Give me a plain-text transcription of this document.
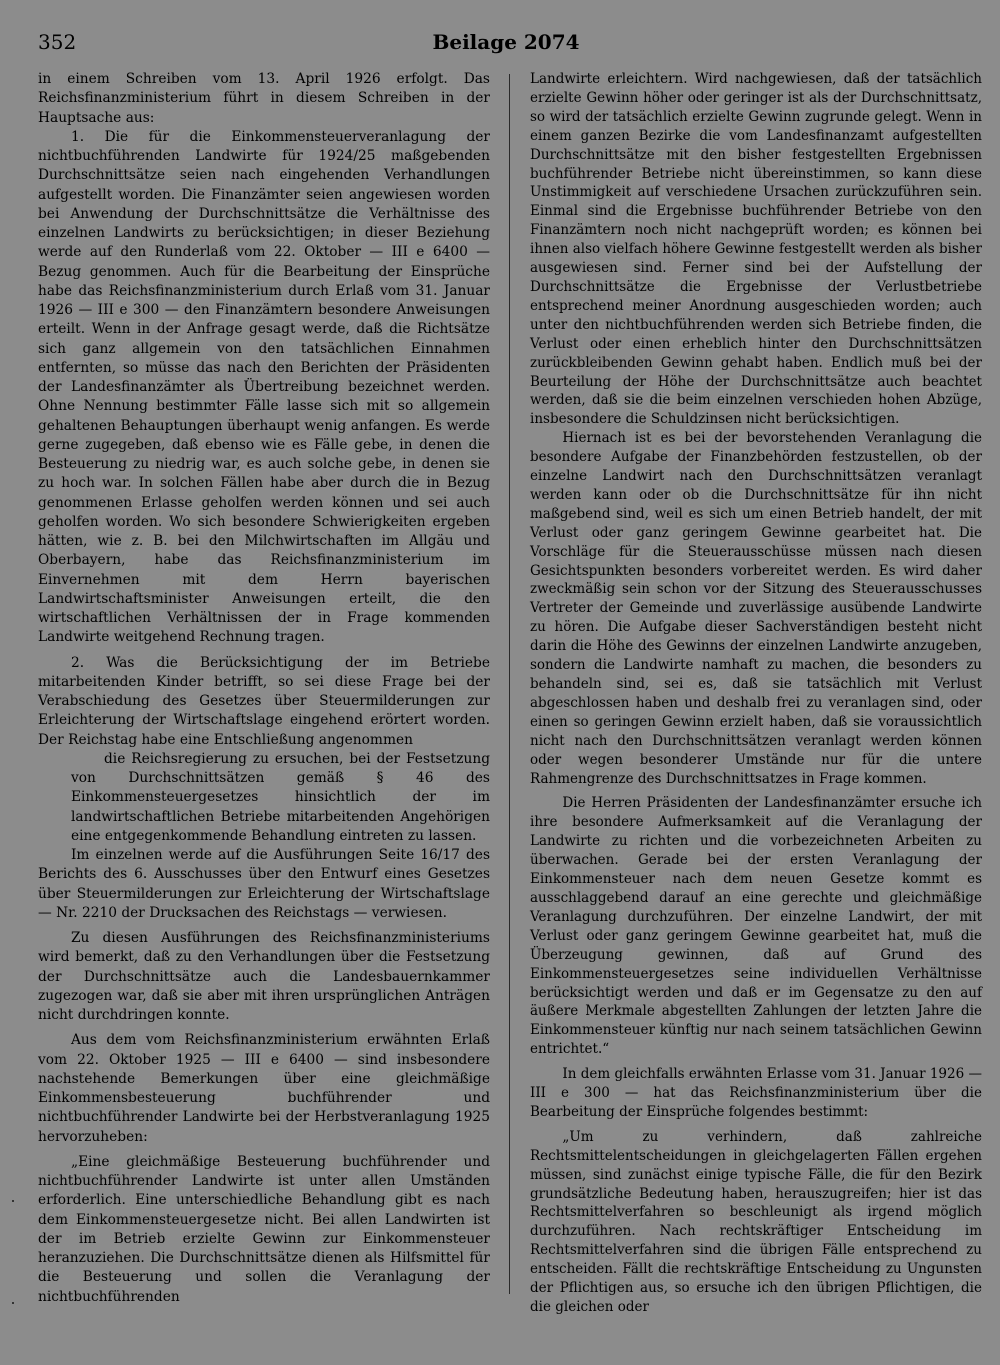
352	Beilage 2074

in einem Schreiben vom 13. April 1926 erfolgt. Das Reichsfinanzministerium führt in diesem Schreiben in der Hauptsache aus:

1. Die für die Einkommensteuerveranlagung der nichtbuchführenden Landwirte für 1924/25 maßgebenden Durchschnittsätze seien nach eingehenden Verhandlungen aufgestellt worden. Die Finanzämter seien angewiesen worden bei Anwendung der Durchschnittsätze die Verhältnisse des einzelnen Landwirts zu berücksichtigen; in dieser Beziehung werde auf den Runderlaß vom 22. Oktober — III e 6400 — Bezug genommen. Auch für die Bearbeitung der Einsprüche habe das Reichsfinanzministerium durch Erlaß vom 31. Januar 1926 — III e 300 — den Finanzämtern besondere Anweisungen erteilt. Wenn in der Anfrage gesagt werde, daß die Richtsätze sich ganz allgemein von den tatsächlichen Einnahmen entfernten, so müsse das nach den Berichten der Präsidenten der Landesfinanzämter als Übertreibung bezeichnet werden. Ohne Nennung bestimmter Fälle lasse sich mit so allgemein gehaltenen Behauptungen überhaupt wenig anfangen. Es werde gerne zugegeben, daß ebenso wie es Fälle gebe, in denen die Besteuerung zu niedrig war, es auch solche gebe, in denen sie zu hoch war. In solchen Fällen habe aber durch die in Bezug genommenen Erlasse geholfen werden können und sei auch geholfen worden. Wo sich besondere Schwierigkeiten ergeben hätten, wie z. B. bei den Milchwirtschaften im Allgäu und Oberbayern, habe das Reichsfinanzministerium im Einvernehmen mit dem Herrn bayerischen Landwirtschaftsminister Anweisungen erteilt, die den wirtschaftlichen Verhältnissen der in Frage kommenden Landwirte weitgehend Rechnung tragen.

2. Was die Berücksichtigung der im Betriebe mitarbeitenden Kinder betrifft, so sei diese Frage bei der Verabschiedung des Gesetzes über Steuermilderungen zur Erleichterung der Wirtschaftslage eingehend erörtert worden. Der Reichstag habe eine Entschließung angenommen

die Reichsregierung zu ersuchen, bei der Festsetzung von Durchschnittsätzen gemäß § 46 des Einkommensteuergesetzes hinsichtlich der im landwirtschaftlichen Betriebe mitarbeitenden Angehörigen eine entgegenkommende Behandlung eintreten zu lassen.

Im einzelnen werde auf die Ausführungen Seite 16/17 des Berichts des 6. Ausschusses über den Entwurf eines Gesetzes über Steuermilderungen zur Erleichterung der Wirtschaftslage — Nr. 2210 der Drucksachen des Reichstags — verwiesen.

Zu diesen Ausführungen des Reichsfinanzministeriums wird bemerkt, daß zu den Verhandlungen über die Festsetzung der Durchschnittsätze auch die Landesbauernkammer zugezogen war, daß sie aber mit ihren ursprünglichen Anträgen nicht durchdringen konnte.

Aus dem vom Reichsfinanzministerium erwähnten Erlaß vom 22. Oktober 1925 — III e 6400 — sind insbesondere nachstehende Bemerkungen über eine gleichmäßige Einkommensbesteuerung buchführender und nichtbuchführender Landwirte bei der Herbstveranlagung 1925 hervorzuheben:

„Eine gleichmäßige Besteuerung buchführender und nichtbuchführender Landwirte ist unter allen Umständen erforderlich. Eine unterschiedliche Behandlung gibt es nach dem Einkommensteuergesetze nicht. Bei allen Landwirten ist der im Betrieb erzielte Gewinn zur Einkommensteuer heranzuziehen. Die Durchschnittsätze dienen als Hilfsmittel für die Besteuerung und sollen die Veranlagung der nichtbuchführenden

Landwirte erleichtern. Wird nachgewiesen, daß der tatsächlich erzielte Gewinn höher oder geringer ist als der Durchschnittsatz, so wird der tatsächlich erzielte Gewinn zugrunde gelegt. Wenn in einem ganzen Bezirke die vom Landesfinanzamt aufgestellten Durchschnittsätze mit den bisher festgestellten Ergebnissen buchführender Betriebe nicht übereinstimmen, so kann diese Unstimmigkeit auf verschiedene Ursachen zurückzuführen sein. Einmal sind die Ergebnisse buchführender Betriebe von den Finanzämtern noch nicht nachgeprüft worden; es können bei ihnen also vielfach höhere Gewinne festgestellt werden als bisher ausgewiesen sind. Ferner sind bei der Aufstellung der Durchschnittsätze die Ergebnisse der Verlustbetriebe entsprechend meiner Anordnung ausgeschieden worden; auch unter den nichtbuchführenden werden sich Betriebe finden, die Verlust oder einen erheblich hinter den Durchschnittsätzen zurückbleibenden Gewinn gehabt haben. Endlich muß bei der Beurteilung der Höhe der Durchschnittsätze auch beachtet werden, daß sie die beim einzelnen verschieden hohen Abzüge, insbesondere die Schuldzinsen nicht berücksichtigen.

Hiernach ist es bei der bevorstehenden Veranlagung die besondere Aufgabe der Finanzbehörden festzustellen, ob der einzelne Landwirt nach den Durchschnittsätzen veranlagt werden kann oder ob die Durchschnittsätze für ihn nicht maßgebend sind, weil es sich um einen Betrieb handelt, der mit Verlust oder ganz geringem Gewinne gearbeitet hat. Die Vorschläge für die Steuerausschüsse müssen nach diesen Gesichtspunkten besonders vorbereitet werden. Es wird daher zweckmäßig sein schon vor der Sitzung des Steuerausschusses Vertreter der Gemeinde und zuverlässige ausübende Landwirte zu hören. Die Aufgabe dieser Sachverständigen besteht nicht darin die Höhe des Gewinns der einzelnen Landwirte anzugeben, sondern die Landwirte namhaft zu machen, die besonders zu behandeln sind, sei es, daß sie tatsächlich mit Verlust abgeschlossen haben und deshalb frei zu veranlagen sind, oder einen so geringen Gewinn erzielt haben, daß sie voraussichtlich nicht nach den Durchschnittsätzen veranlagt werden können oder wegen besonderer Umstände nur für die untere Rahmengrenze des Durchschnittsatzes in Frage kommen.

Die Herren Präsidenten der Landesfinanzämter ersuche ich ihre besondere Aufmerksamkeit auf die Veranlagung der Landwirte zu richten und die vorbezeichneten Arbeiten zu überwachen. Gerade bei der ersten Veranlagung der Einkommensteuer nach dem neuen Gesetze kommt es ausschlaggebend darauf an eine gerechte und gleichmäßige Veranlagung durchzuführen. Der einzelne Landwirt, der mit Verlust oder ganz geringem Gewinne gearbeitet hat, muß die Überzeugung gewinnen, daß auf Grund des Einkommensteuergesetzes seine individuellen Verhältnisse berücksichtigt werden und daß er im Gegensatze zu den auf äußere Merkmale abgestellten Zahlungen der letzten Jahre die Einkommensteuer künftig nur nach seinem tatsächlichen Gewinn entrichtet.“

In dem gleichfalls erwähnten Erlasse vom 31. Januar 1926 — III e 300 — hat das Reichsfinanzministerium über die Bearbeitung der Einsprüche folgendes bestimmt:

„Um zu verhindern, daß zahlreiche Rechtsmittelentscheidungen in gleichgelagerten Fällen ergehen müssen, sind zunächst einige typische Fälle, die für den Bezirk grundsätzliche Bedeutung haben, herauszugreifen; hier ist das Rechtsmittelverfahren so beschleunigt als irgend möglich durchzuführen. Nach rechtskräftiger Entscheidung im Rechtsmittelverfahren sind die übrigen Fälle entsprechend zu entscheiden. Fällt die rechtskräftige Entscheidung zu Ungunsten der Pflichtigen aus, so ersuche ich den übrigen Pflichtigen, die die gleichen oder
